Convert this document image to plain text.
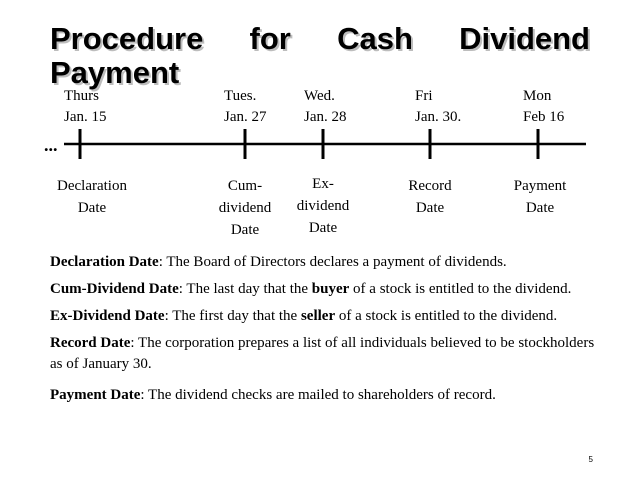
Procedure for Cash Dividend
Payment
Thurs
Jan. 15
Tues.
Jan. 27
Wed.
Jan. 28
Fri
Jan. 30.
Mon
Feb 16
...
Declaration
Date
Cum-
dividend
Date
Ex-
dividend
Date
Record
Date
Payment
Date

Declaration Date: The Board of Directors declares a payment of dividends.

Cum-Dividend Date: The last day that the buyer of a stock is entitled to the dividend.

Ex-Dividend Date: The first day that the seller of a stock is entitled to the dividend.

Record Date: The corporation prepares a list of all individuals believed to be stockholders as of January 30.

Payment Date: The dividend checks are mailed to shareholders of record.

5
